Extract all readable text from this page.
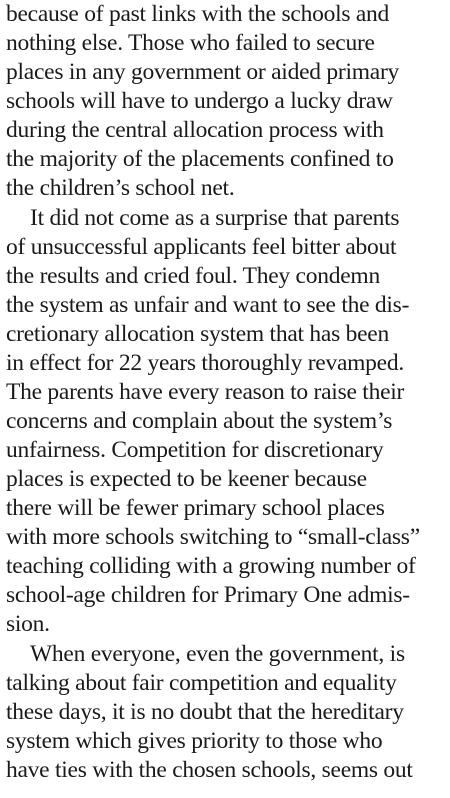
because of past links with the schools and
nothing else. Those who failed to secure
places in any government or aided primary
schools will have to undergo a lucky draw
during the central allocation process with
the majority of the placements confined to
the children’s school net.
It did not come as a surprise that parents
of unsuccessful applicants feel bitter about
the results and cried foul. They condemn
the system as unfair and want to see the dis-
cretionary allocation system that has been
in effect for 22 years thoroughly revamped.
The parents have every reason to raise their
concerns and complain about the system’s
unfairness. Competition for discretionary
places is expected to be keener because
there will be fewer primary school places
with more schools switching to “small-class”
teaching colliding with a growing number of
school-age children for Primary One admis-
sion.
When everyone, even the government, is
talking about fair competition and equality
these days, it is no doubt that the hereditary
system which gives priority to those who
have ties with the chosen schools, seems out
